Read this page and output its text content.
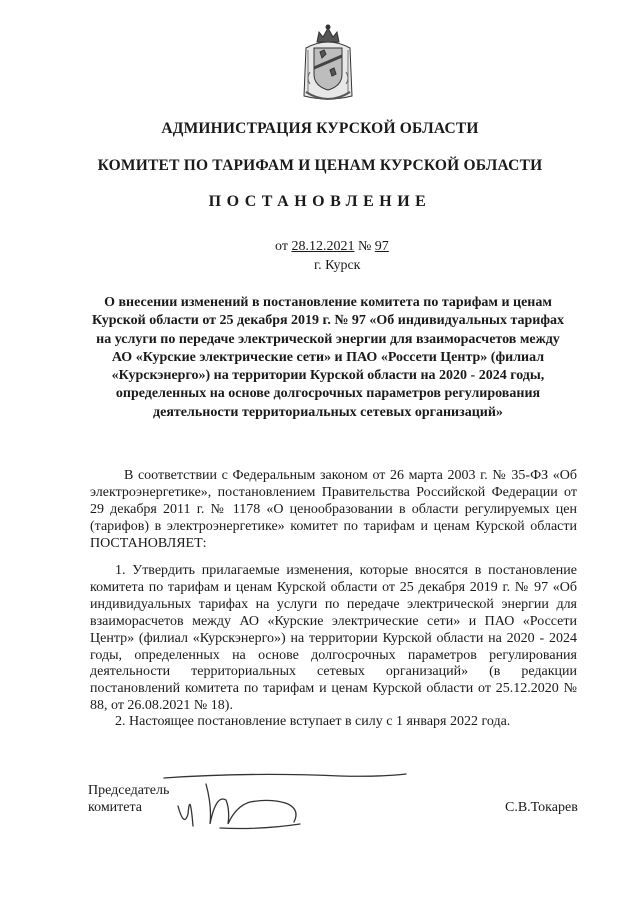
АДМИНИСТРАЦИЯ КУРСКОЙ ОБЛАСТИ
КОМИТЕТ ПО ТАРИФАМ И ЦЕНАМ КУРСКОЙ ОБЛАСТИ
ПОСТАНОВЛЕНИЕ
от 28.12.2021 № 97
г. Курск
О внесении изменений в постановление комитета по тарифам и ценам Курской области от 25 декабря 2019 г. № 97 «Об индивидуальных тарифах на услуги по передаче электрической энергии для взаиморасчетов между АО «Курские электрические сети» и ПАО «Россети Центр» (филиал «Курскэнерго») на территории Курской области на 2020 - 2024 годы, определенных на основе долгосрочных параметров регулирования деятельности территориальных сетевых организаций»
В соответствии с Федеральным законом от 26 марта 2003 г. № 35-ФЗ «Об электроэнергетике», постановлением Правительства Российской Федерации от 29 декабря 2011 г. № 1178 «О ценообразовании в области регулируемых цен (тарифов) в электроэнергетике» комитет по тарифам и ценам Курской области ПОСТАНОВЛЯЕТ:
1. Утвердить прилагаемые изменения, которые вносятся в постановление комитета по тарифам и ценам Курской области от 25 декабря 2019 г. № 97 «Об индивидуальных тарифах на услуги по передаче электрической энергии для взаиморасчетов между АО «Курские электрические сети» и ПАО «Россети Центр» (филиал «Курскэнерго») на территории Курской области на 2020 - 2024 годы, определенных на основе долгосрочных параметров регулирования деятельности территориальных сетевых организаций» (в редакции постановлений комитета по тарифам и ценам Курской области от 25.12.2020 № 88, от 26.08.2021 № 18).
2. Настоящее постановление вступает в силу с 1 января 2022 года.
Председатель
комитета	С.В.Токарев
